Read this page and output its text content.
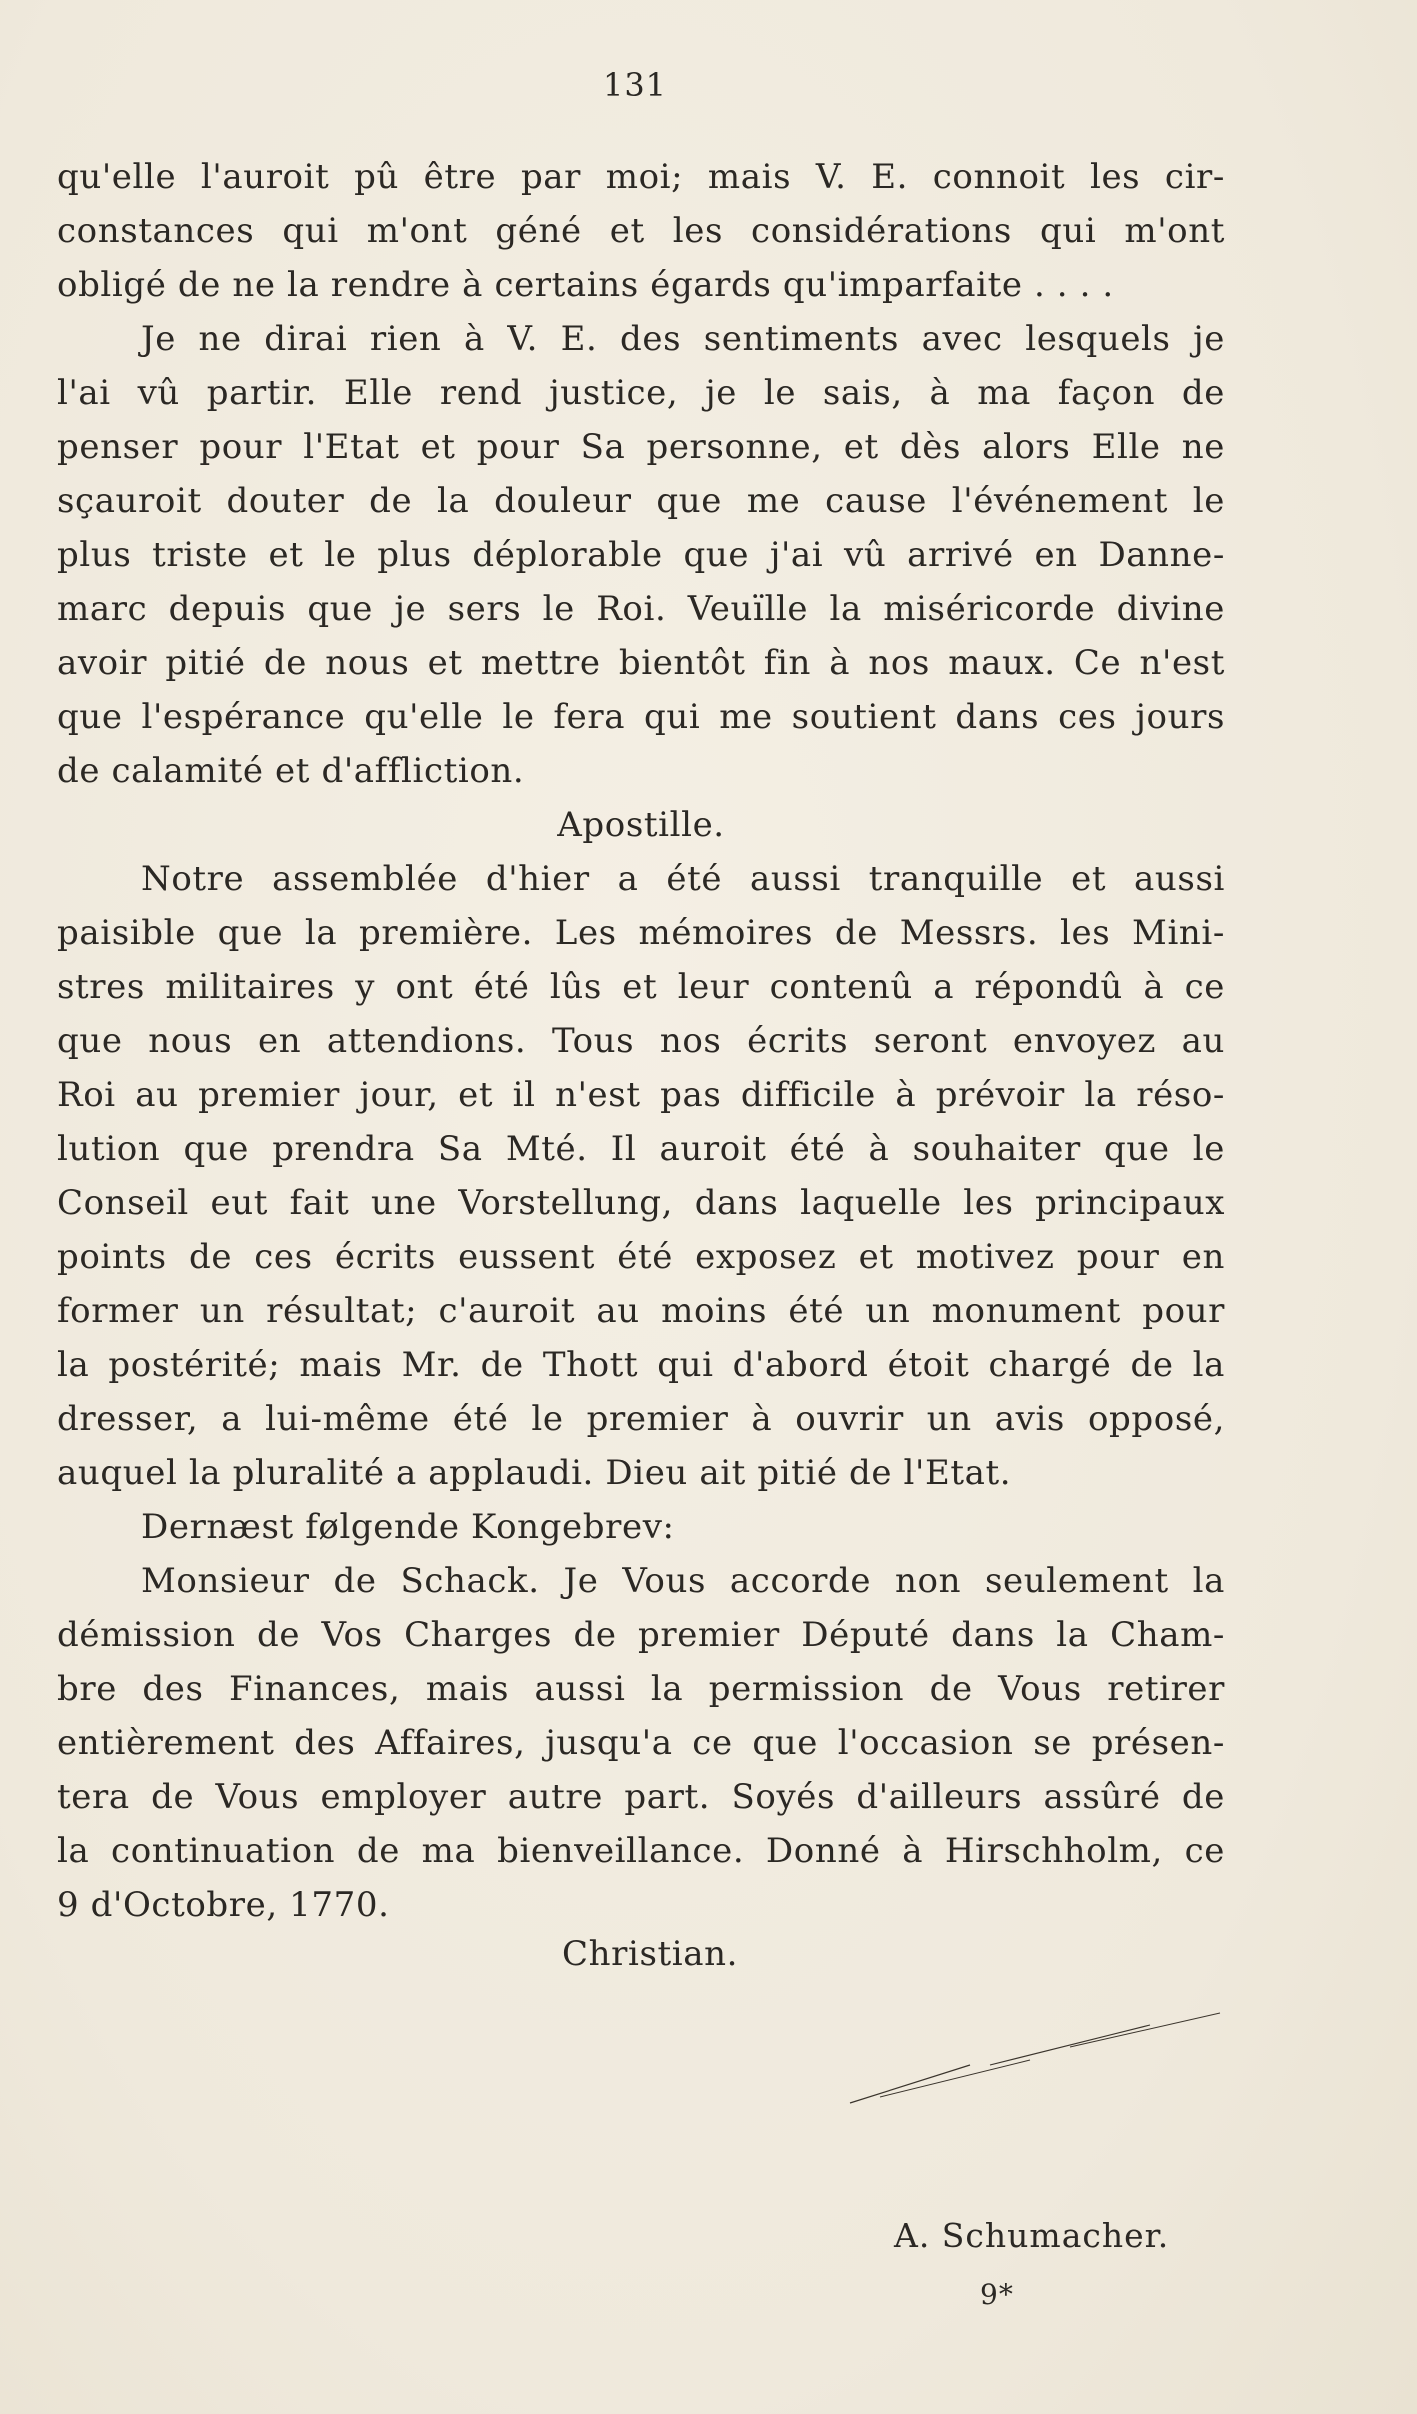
131
qu'elle l'auroit pû être par moi; mais V. E. connoit les cir-
constances qui m'ont géné et les considérations qui m'ont
obligé de ne la rendre à certains égards qu'imparfaite . . . .
Je ne dirai rien à V. E. des sentiments avec lesquels je
l'ai vû partir. Elle rend justice, je le sais, à ma façon de
penser pour l'Etat et pour Sa personne, et dès alors Elle ne
sçauroit douter de la douleur que me cause l'événement le
plus triste et le plus déplorable que j'ai vû arrivé en Danne-
marc depuis que je sers le Roi. Veuïlle la miséricorde divine
avoir pitié de nous et mettre bientôt fin à nos maux. Ce n'est
que l'espérance qu'elle le fera qui me soutient dans ces jours
de calamité et d'affliction.
Apostille.
Notre assemblée d'hier a été aussi tranquille et aussi
paisible que la première. Les mémoires de Messrs. les Mini-
stres militaires y ont été lûs et leur contenû a répondû à ce
que nous en attendions. Tous nos écrits seront envoyez au
Roi au premier jour, et il n'est pas difficile à prévoir la réso-
lution que prendra Sa Mté. Il auroit été à souhaiter que le
Conseil eut fait une Vorstellung, dans laquelle les principaux
points de ces écrits eussent été exposez et motivez pour en
former un résultat; c'auroit au moins été un monument pour
la postérité; mais Mr. de Thott qui d'abord étoit chargé de la
dresser, a lui-même été le premier à ouvrir un avis opposé,
auquel la pluralité a applaudi. Dieu ait pitié de l'Etat.
Dernæst følgende Kongebrev:
Monsieur de Schack. Je Vous accorde non seulement la
démission de Vos Charges de premier Député dans la Cham-
bre des Finances, mais aussi la permission de Vous retirer
entièrement des Affaires, jusqu'a ce que l'occasion se présen-
tera de Vous employer autre part. Soyés d'ailleurs assûré de
la continuation de ma bienveillance. Donné à Hirschholm, ce
9 d'Octobre, 1770.
Christian.
A. Schumacher.
9*
